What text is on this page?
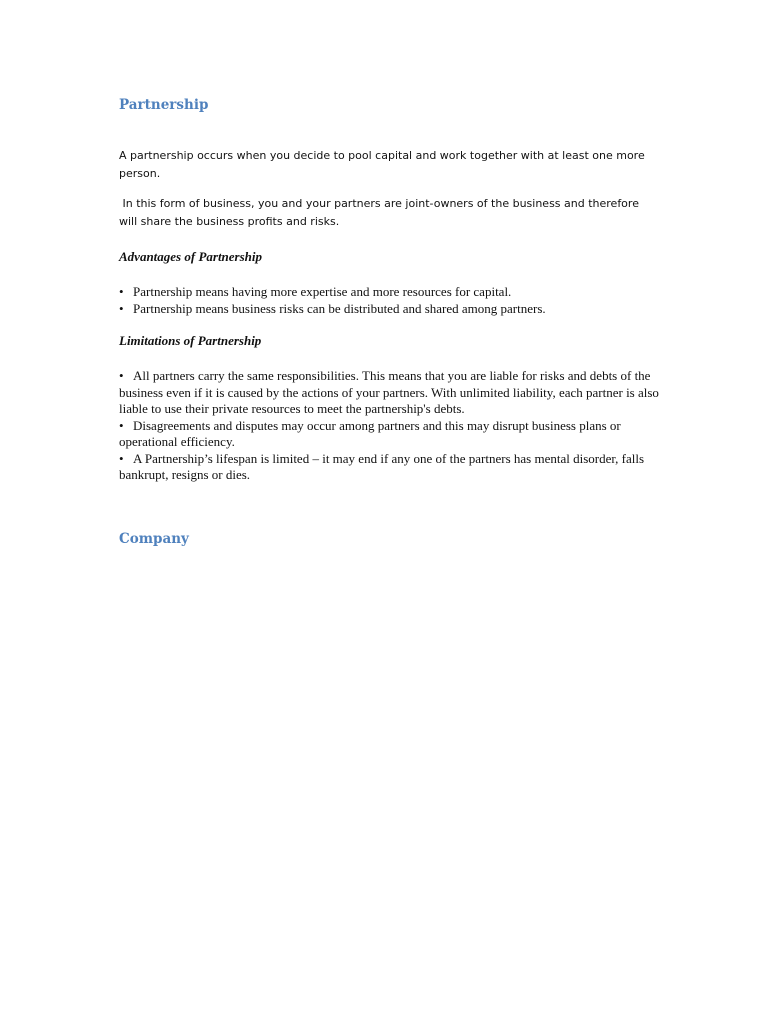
Partnership

A partnership occurs when you decide to pool capital and work together with at least one more person.

In this form of business, you and your partners are joint-owners of the business and therefore will share the business profits and risks.

Advantages of Partnership
• Partnership means having more expertise and more resources for capital.
• Partnership means business risks can be distributed and shared among partners.
Limitations of Partnership
• All partners carry the same responsibilities. This means that you are liable for risks and debts of the business even if it is caused by the actions of your partners. With unlimited liability, each partner is also liable to use their private resources to meet the partnership's debts.
• Disagreements and disputes may occur among partners and this may disrupt business plans or operational efficiency.
• A Partnership’s lifespan is limited – it may end if any one of the partners has mental disorder, falls bankrupt, resigns or dies.
Company
